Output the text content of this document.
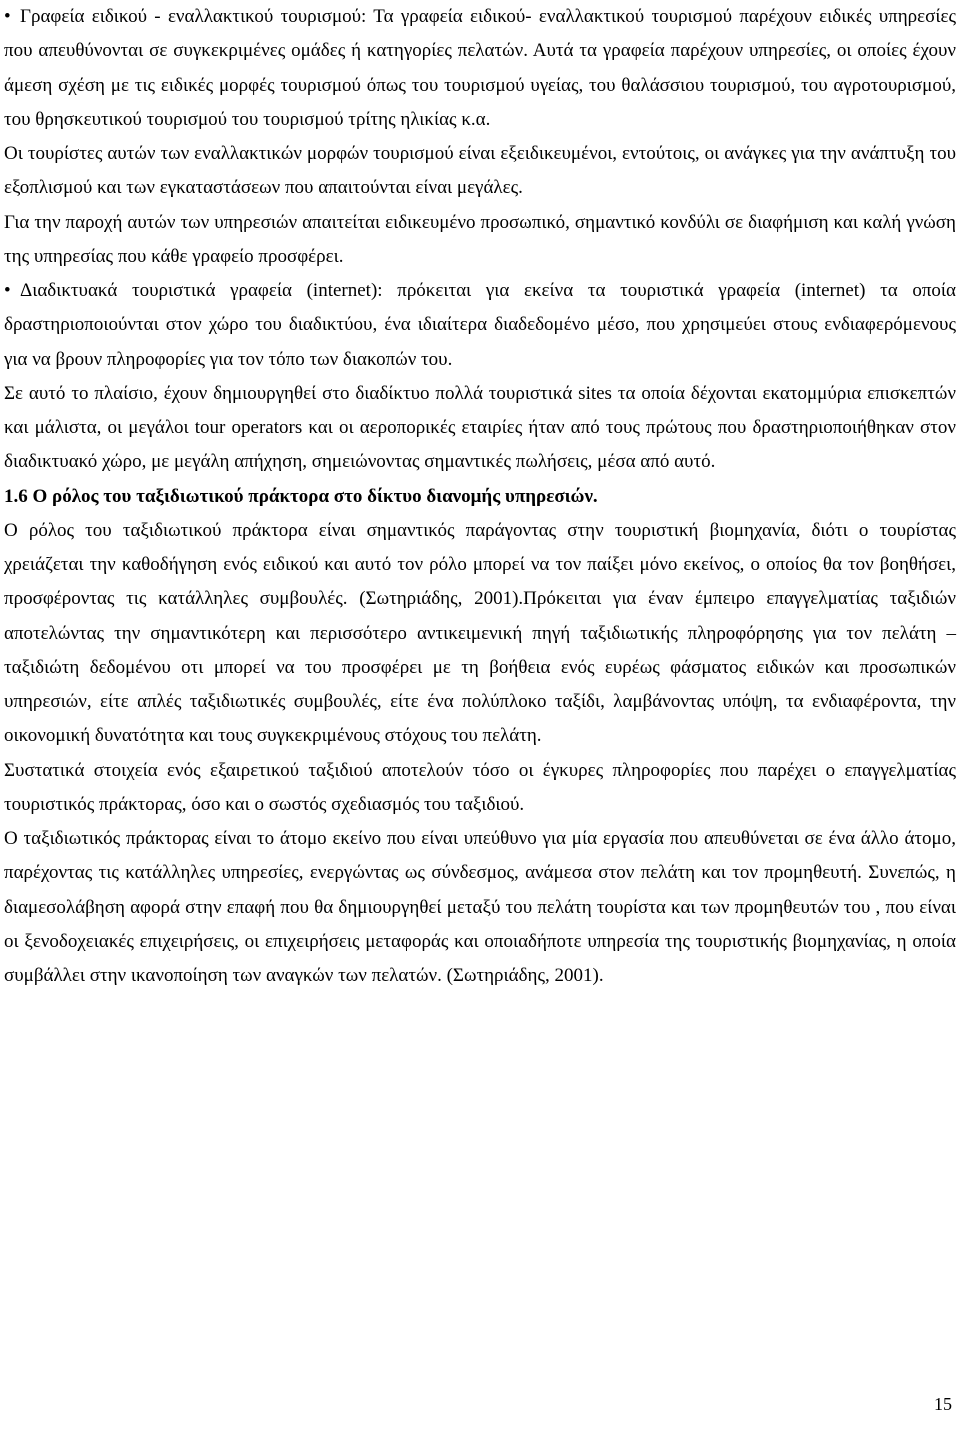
• Γραφεία ειδικού - εναλλακτικού τουρισμού: Τα γραφεία ειδικού- εναλλακτικού τουρισμού παρέχουν ειδικές υπηρεσίες που απευθύνονται σε συγκεκριμένες ομάδες ή κατηγορίες πελατών. Αυτά τα γραφεία παρέχουν υπηρεσίες, οι οποίες έχουν άμεση σχέση με τις ειδικές μορφές τουρισμού όπως του τουρισμού υγείας, του θαλάσσιου τουρισμού, του αγροτουρισμού, του θρησκευτικού τουρισμού του τουρισμού τρίτης ηλικίας κ.α.

Οι τουρίστες αυτών των εναλλακτικών μορφών τουρισμού είναι εξειδικευμένοι, εντούτοις, οι ανάγκες για την ανάπτυξη του εξοπλισμού και των εγκαταστάσεων που απαιτούνται είναι μεγάλες.

Για την παροχή αυτών των υπηρεσιών απαιτείται ειδικευμένο προσωπικό, σημαντικό κονδύλι σε διαφήμιση και καλή γνώση της υπηρεσίας που κάθε γραφείο προσφέρει.

• Διαδικτυακά τουριστικά γραφεία (internet): πρόκειται για εκείνα τα τουριστικά γραφεία (internet) τα οποία δραστηριοποιούνται στον χώρο του διαδικτύου, ένα ιδιαίτερα διαδεδομένο μέσο, που χρησιμεύει στους ενδιαφερόμενους για να βρουν πληροφορίες για τον τόπο των διακοπών του.

Σε αυτό το πλαίσιο, έχουν δημιουργηθεί στο διαδίκτυο πολλά τουριστικά sites τα οποία δέχονται εκατομμύρια επισκεπτών και μάλιστα, οι μεγάλοι tour operators και οι αεροπορικές εταιρίες ήταν από τους πρώτους που δραστηριοποιήθηκαν στον διαδικτυακό χώρο, με μεγάλη απήχηση, σημειώνοντας σημαντικές πωλήσεις, μέσα από αυτό.

1.6 Ο ρόλος του ταξιδιωτικού πράκτορα στο δίκτυο διανομής υπηρεσιών.

Ο ρόλος του ταξιδιωτικού πράκτορα είναι σημαντικός παράγοντας στην τουριστική βιομηχανία, διότι ο τουρίστας χρειάζεται την καθοδήγηση ενός ειδικού και αυτό τον ρόλο μπορεί να τον παίξει μόνο εκείνος, ο οποίος θα τον βοηθήσει, προσφέροντας τις κατάλληλες συμβουλές. (Σωτηριάδης, 2001).Πρόκειται για έναν έμπειρο επαγγελματίας ταξιδιών αποτελώντας την σημαντικότερη και περισσότερο αντικειμενική πηγή ταξιδιωτικής πληροφόρησης για τον πελάτη – ταξιδιώτη δεδομένου οτι μπορεί να του προσφέρει με τη βοήθεια ενός ευρέως φάσματος ειδικών και προσωπικών υπηρεσιών, είτε απλές ταξιδιωτικές συμβουλές, είτε ένα πολύπλοκο ταξίδι, λαμβάνοντας υπόψη, τα ενδιαφέροντα, την οικονομική δυνατότητα και τους συγκεκριμένους στόχους του πελάτη.

Συστατικά στοιχεία ενός εξαιρετικού ταξιδιού αποτελούν τόσο οι έγκυρες πληροφορίες που παρέχει ο επαγγελματίας τουριστικός πράκτορας, όσο και ο σωστός σχεδιασμός του ταξιδιού.

Ο ταξιδιωτικός πράκτορας είναι το άτομο εκείνο που είναι υπεύθυνο για μία εργασία που απευθύνεται σε ένα άλλο άτομο, παρέχοντας τις κατάλληλες υπηρεσίες, ενεργώντας ως σύνδεσμος, ανάμεσα στον πελάτη και τον προμηθευτή. Συνεπώς, η διαμεσολάβηση αφορά στην επαφή που θα δημιουργηθεί μεταξύ του πελάτη τουρίστα και των προμηθευτών του , που είναι οι ξενοδοχειακές επιχειρήσεις, οι επιχειρήσεις μεταφοράς και οποιαδήποτε υπηρεσία της τουριστικής βιομηχανίας, η οποία συμβάλλει στην ικανοποίηση των αναγκών των πελατών. (Σωτηριάδης, 2001).

15
